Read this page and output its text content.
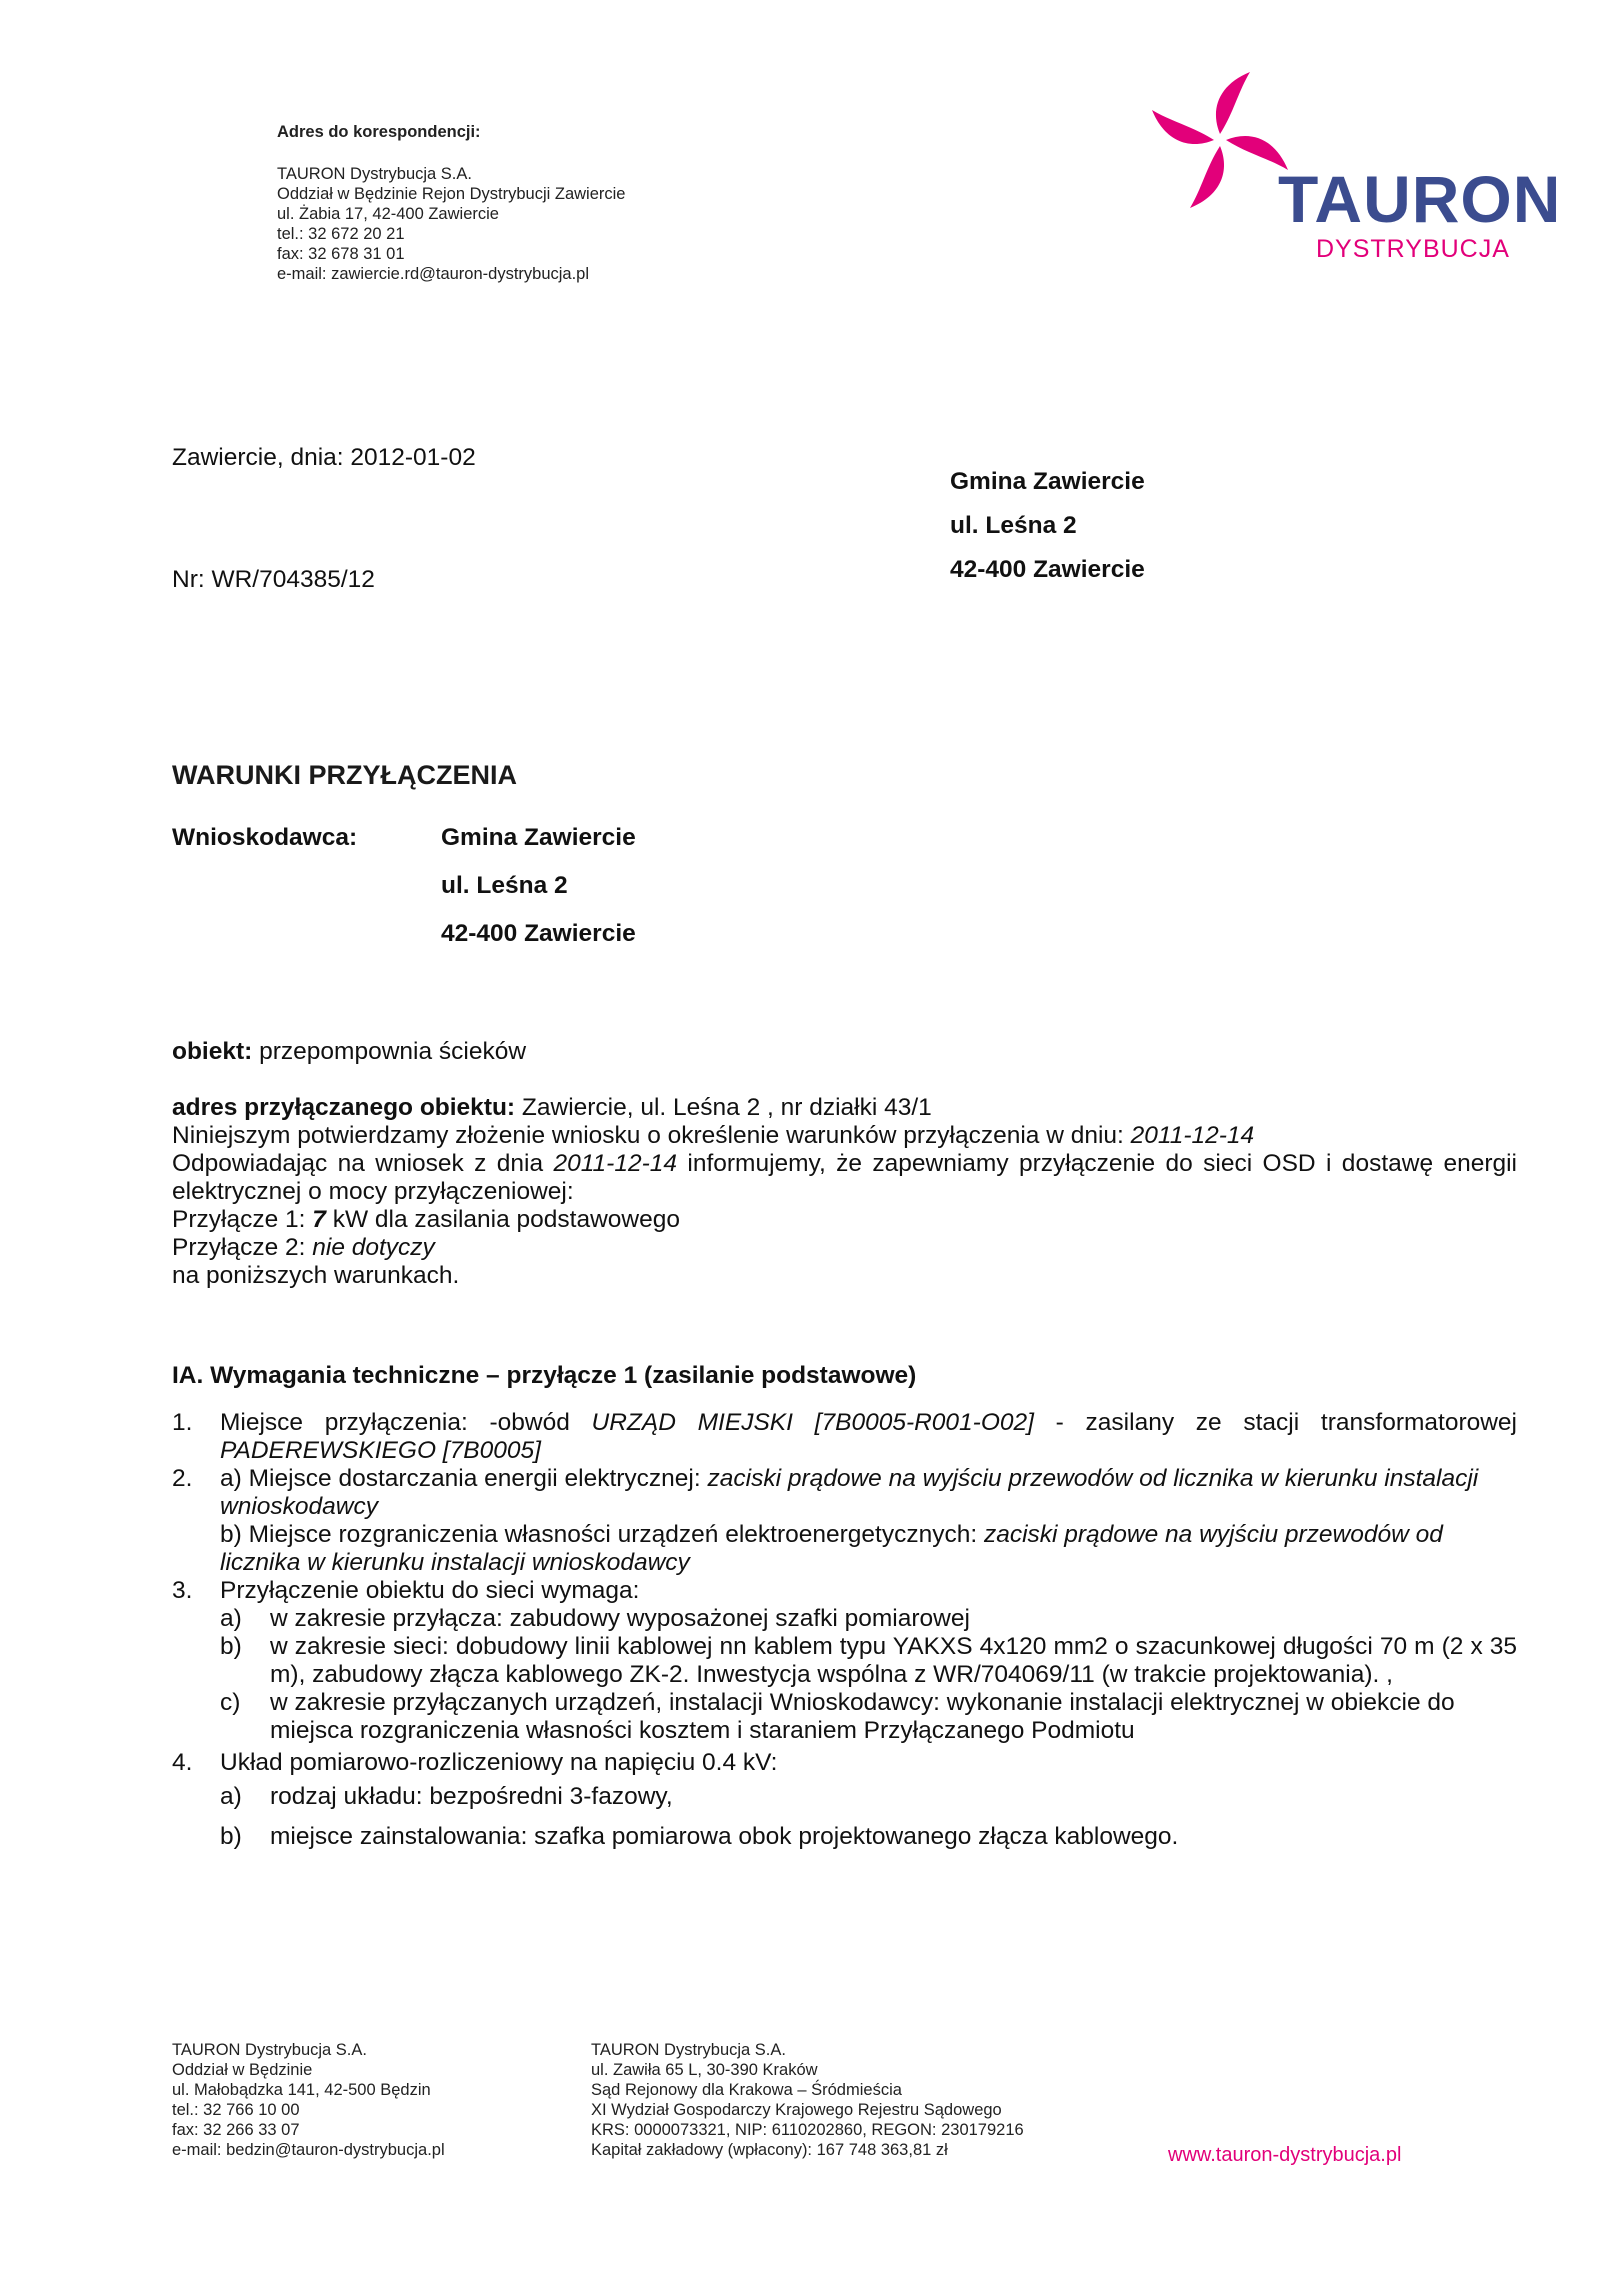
Adres do korespondencji:
TAURON Dystrybucja S.A.
Oddział w Będzinie Rejon Dystrybucji Zawiercie
ul. Żabia 17, 42-400 Zawiercie
tel.: 32 672 20 21
fax: 32 678 31 01
e-mail: zawiercie.rd@tauron-dystrybucja.pl
TAURON
DYSTRYBUCJA
Zawiercie, dnia: 2012-01-02
Nr: WR/704385/12
Gmina Zawiercie
ul. Leśna 2
42-400 Zawiercie
WARUNKI PRZYŁĄCZENIA
Wnioskodawca:	Gmina Zawiercie
ul. Leśna 2
42-400 Zawiercie
obiekt: przepompownia ścieków
adres przyłączanego obiektu: Zawiercie, ul. Leśna 2 , nr działki 43/1
Niniejszym potwierdzamy złożenie wniosku o określenie warunków przyłączenia w dniu: 2011-12-14
Odpowiadając na wniosek z dnia 2011-12-14 informujemy, że zapewniamy przyłączenie do sieci OSD i dostawę energii elektrycznej o mocy przyłączeniowej:
Przyłącze 1: 7 kW dla zasilania podstawowego
Przyłącze 2: nie dotyczy
na poniższych warunkach.
IA. Wymagania techniczne – przyłącze 1 (zasilanie podstawowe)
1.	Miejsce przyłączenia: -obwód URZĄD MIEJSKI [7B0005-R001-O02] - zasilany ze stacji transformatorowej PADEREWSKIEGO [7B0005]
2.	a) Miejsce dostarczania energii elektrycznej: zaciski prądowe na wyjściu przewodów od licznika w kierunku instalacji wnioskodawcy
b) Miejsce rozgraniczenia własności urządzeń elektroenergetycznych: zaciski prądowe na wyjściu przewodów od licznika w kierunku instalacji wnioskodawcy
3.	Przyłączenie obiektu do sieci wymaga:
a)	w zakresie przyłącza: zabudowy wyposażonej szafki pomiarowej
b)	w zakresie sieci: dobudowy linii kablowej nn kablem typu YAKXS 4x120 mm2 o szacunkowej długości 70 m (2 x 35 m), zabudowy złącza kablowego ZK-2. Inwestycja wspólna z WR/704069/11 (w trakcie projektowania). ,
c)	w zakresie przyłączanych urządzeń, instalacji Wnioskodawcy: wykonanie instalacji elektrycznej w obiekcie do miejsca rozgraniczenia własności kosztem i staraniem Przyłączanego Podmiotu
4.	Układ pomiarowo-rozliczeniowy na napięciu 0.4 kV:
a)	rodzaj układu: bezpośredni 3-fazowy,
b)	miejsce zainstalowania: szafka pomiarowa obok projektowanego złącza kablowego.
TAURON Dystrybucja S.A.
Oddział w Będzinie
ul. Małobądzka 141, 42-500 Będzin
tel.: 32 766 10 00
fax: 32 266 33 07
e-mail: bedzin@tauron-dystrybucja.pl
TAURON Dystrybucja S.A.
ul. Zawiła 65 L, 30-390 Kraków
Sąd Rejonowy dla Krakowa – Śródmieścia
XI Wydział Gospodarczy Krajowego Rejestru Sądowego
KRS: 0000073321, NIP: 6110202860, REGON: 230179216
Kapitał zakładowy (wpłacony): 167 748 363,81 zł	www.tauron-dystrybucja.pl
